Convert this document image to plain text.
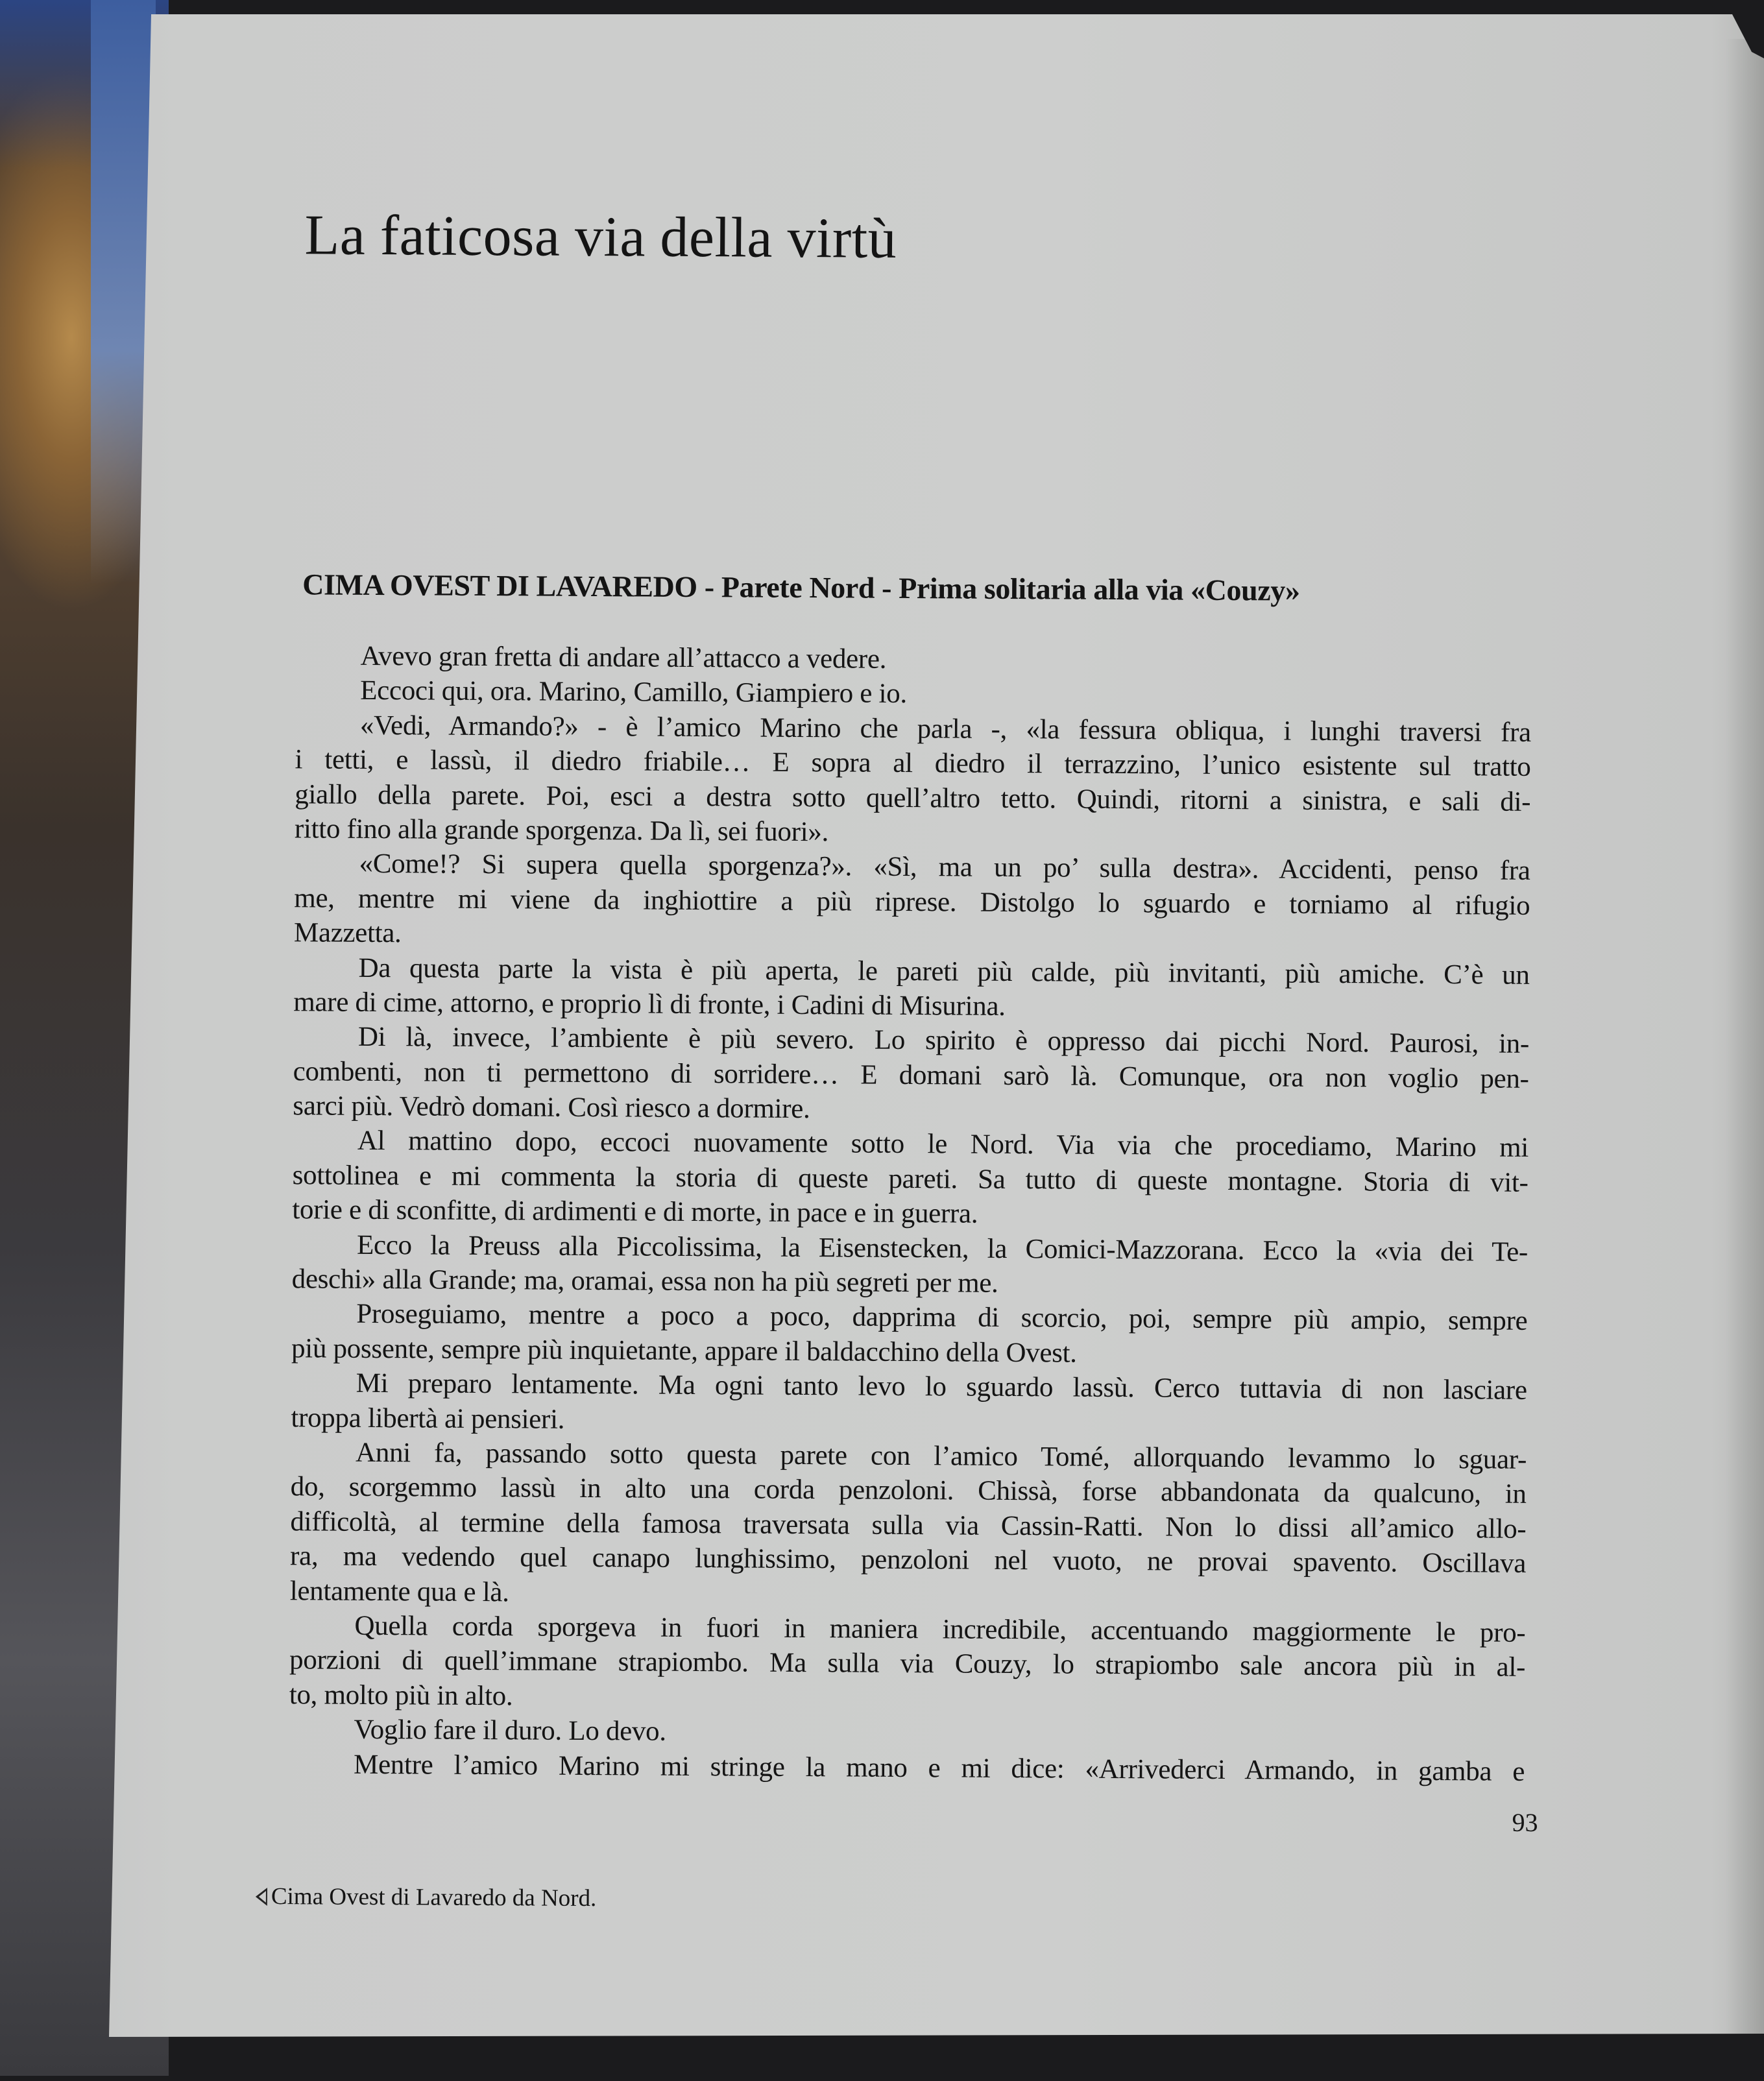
La faticosa via della virtù
CIMA OVEST DI LAVAREDO - Parete Nord - Prima solitaria alla via «Couzy»
Avevo gran fretta di andare all’attacco a vedere.
Eccoci qui, ora. Marino, Camillo, Giampiero e io.
«Vedi, Armando?» - è l’amico Marino che parla -, «la fessura obliqua, i lunghi traversi fra
i tetti, e lassù, il diedro friabile… E sopra al diedro il terrazzino, l’unico esistente sul tratto
giallo della parete. Poi, esci a destra sotto quell’altro tetto. Quindi, ritorni a sinistra, e sali di-
ritto fino alla grande sporgenza. Da lì, sei fuori».
«Come!? Si supera quella sporgenza?». «Sì, ma un po’ sulla destra». Accidenti, penso fra
me, mentre mi viene da inghiottire a più riprese. Distolgo lo sguardo e torniamo al rifugio
Mazzetta.
Da questa parte la vista è più aperta, le pareti più calde, più invitanti, più amiche. C’è un
mare di cime, attorno, e proprio lì di fronte, i Cadini di Misurina.
Di là, invece, l’ambiente è più severo. Lo spirito è oppresso dai picchi Nord. Paurosi, in-
combenti, non ti permettono di sorridere… E domani sarò là. Comunque, ora non voglio pen-
sarci più. Vedrò domani. Così riesco a dormire.
Al mattino dopo, eccoci nuovamente sotto le Nord. Via via che procediamo, Marino mi
sottolinea e mi commenta la storia di queste pareti. Sa tutto di queste montagne. Storia di vit-
torie e di sconfitte, di ardimenti e di morte, in pace e in guerra.
Ecco la Preuss alla Piccolissima, la Eisenstecken, la Comici-Mazzorana. Ecco la «via dei Te-
deschi» alla Grande; ma, oramai, essa non ha più segreti per me.
Proseguiamo, mentre a poco a poco, dapprima di scorcio, poi, sempre più ampio, sempre
più possente, sempre più inquietante, appare il baldacchino della Ovest.
Mi preparo lentamente. Ma ogni tanto levo lo sguardo lassù. Cerco tuttavia di non lasciare
troppa libertà ai pensieri.
Anni fa, passando sotto questa parete con l’amico Tomé, allorquando levammo lo sguar-
do, scorgemmo lassù in alto una corda penzoloni. Chissà, forse abbandonata da qualcuno, in
difficoltà, al termine della famosa traversata sulla via Cassin-Ratti. Non lo dissi all’amico allo-
ra, ma vedendo quel canapo lunghissimo, penzoloni nel vuoto, ne provai spavento. Oscillava
lentamente qua e là.
Quella corda sporgeva in fuori in maniera incredibile, accentuando maggiormente le pro-
porzioni di quell’immane strapiombo. Ma sulla via Couzy, lo strapiombo sale ancora più in al-
to, molto più in alto.
Voglio fare il duro. Lo devo.
Mentre l’amico Marino mi stringe la mano e mi dice: «Arrivederci Armando, in gamba e
93
Cima Ovest di Lavaredo da Nord.
